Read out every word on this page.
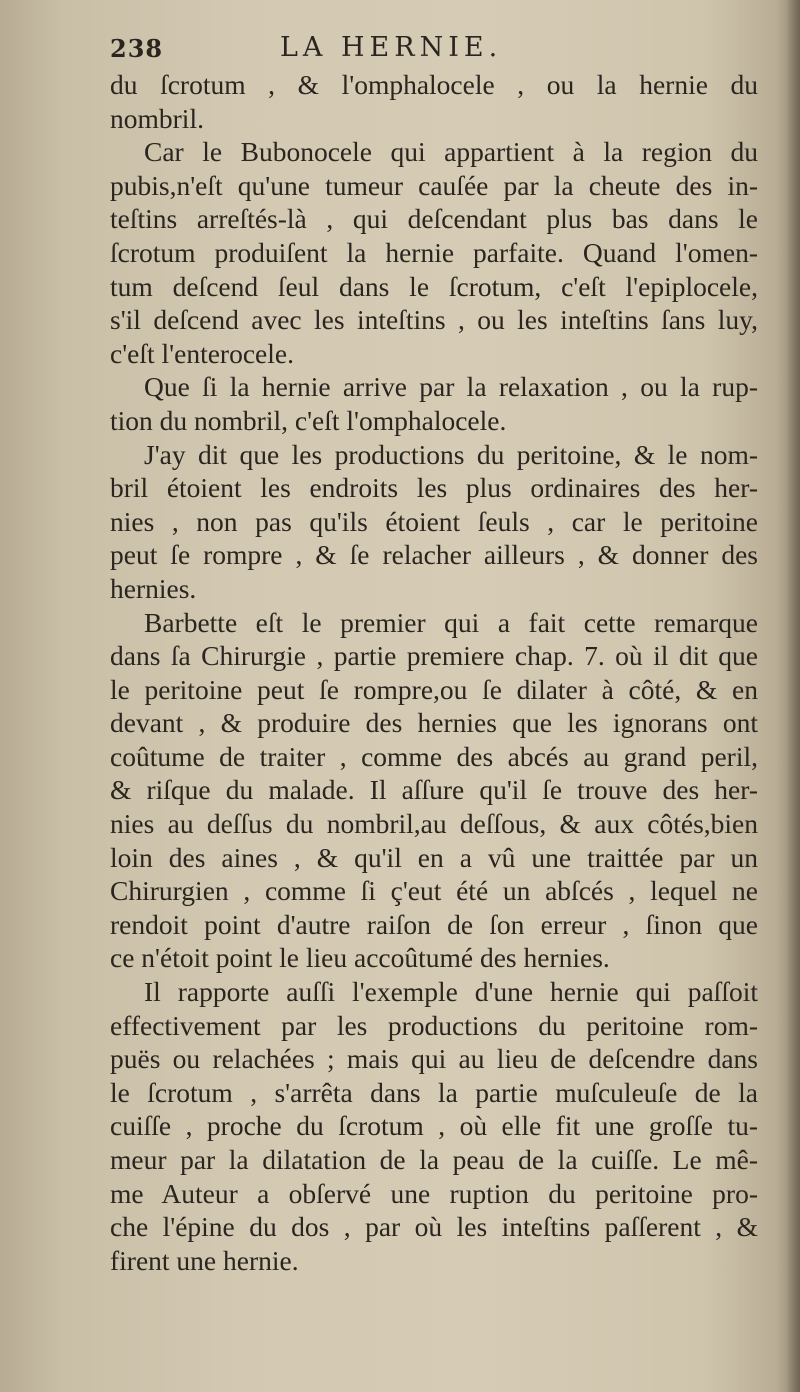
238	LA HERNIE.
du ſcrotum , & l'omphalocele , ou la hernie du
nombril.
Car le Bubonocele qui appartient à la region du
pubis,n'eſt qu'une tumeur cauſée par la cheute des in-
teſtins arreſtés-là , qui deſcendant plus bas dans le
ſcrotum produiſent la hernie parfaite. Quand l'omen-
tum deſcend ſeul dans le ſcrotum, c'eſt l'epiplocele,
s'il deſcend avec les inteſtins , ou les inteſtins ſans luy,
c'eſt l'enterocele.
Que ſi la hernie arrive par la relaxation , ou la rup-
tion du nombril, c'eſt l'omphalocele.
J'ay dit que les productions du peritoine, & le nom-
bril étoient les endroits les plus ordinaires des her-
nies , non pas qu'ils étoient ſeuls , car le peritoine
peut ſe rompre , & ſe relacher ailleurs , & donner des
hernies.
Barbette eſt le premier qui a fait cette remarque
dans ſa Chirurgie , partie premiere chap. 7. où il dit que
le peritoine peut ſe rompre,ou ſe dilater à côté, & en
devant , & produire des hernies que les ignorans ont
coûtume de traiter , comme des abcés au grand peril,
& riſque du malade. Il aſſure qu'il ſe trouve des her-
nies au deſſus du nombril,au deſſous, & aux côtés,bien
loin des aines , & qu'il en a vû une traittée par un
Chirurgien , comme ſi ç'eut été un abſcés , lequel ne
rendoit point d'autre raiſon de ſon erreur , ſinon que
ce n'étoit point le lieu accoûtumé des hernies.
Il rapporte auſſi l'exemple d'une hernie qui paſſoit
effectivement par les productions du peritoine rom-
puës ou relachées ; mais qui au lieu de deſcendre dans
le ſcrotum , s'arrêta dans la partie muſculeuſe de la
cuiſſe , proche du ſcrotum , où elle fit une groſſe tu-
meur par la dilatation de la peau de la cuiſſe. Le mê-
me Auteur a obſervé une ruption du peritoine pro-
che l'épine du dos , par où les inteſtins paſſerent , &
firent une hernie.
